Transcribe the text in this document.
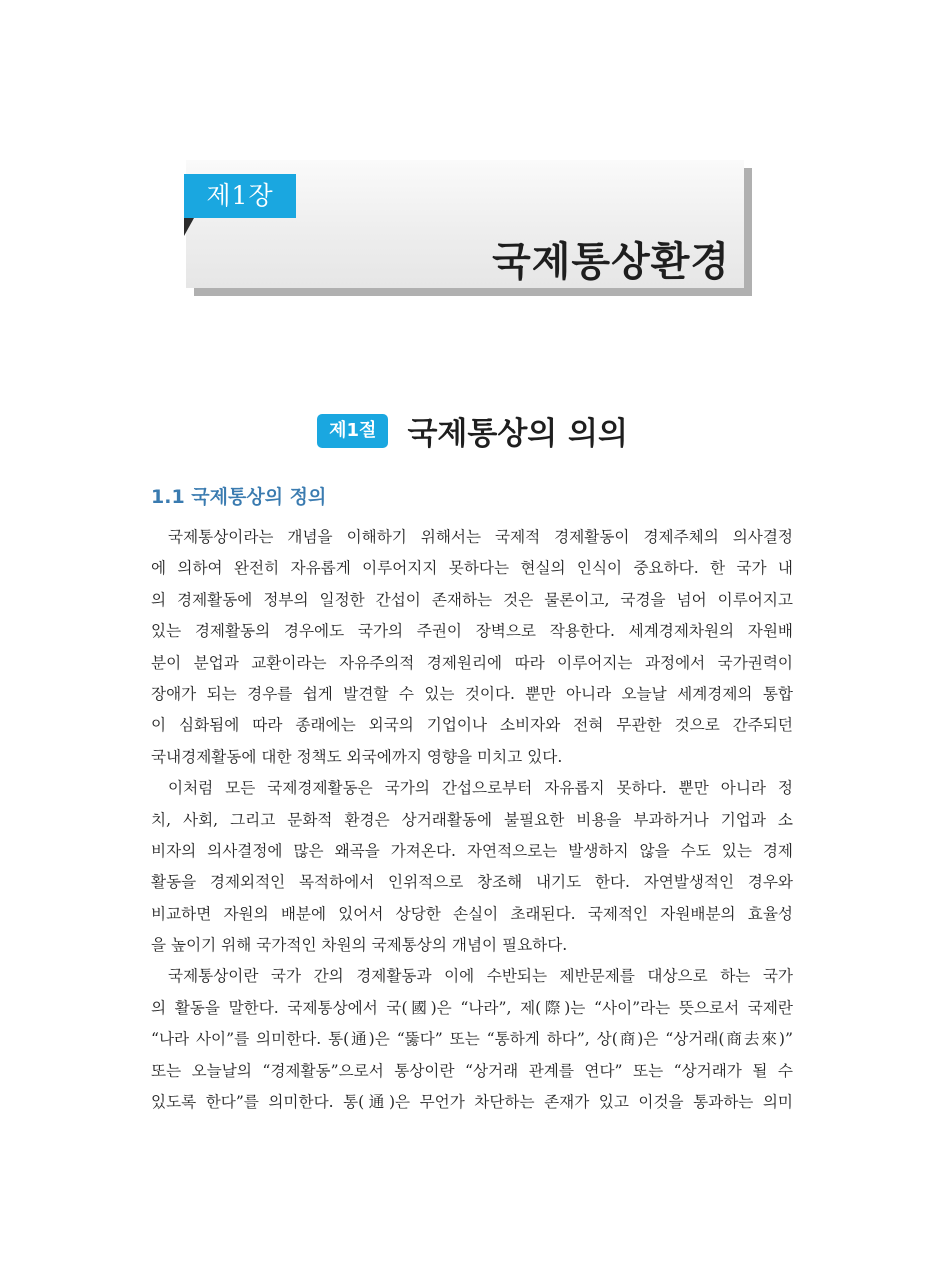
제1장
국제통상환경
제1절 국제통상의 의의
1.1 국제통상의 정의
국제통상이라는 개념을 이해하기 위해서는 국제적 경제활동이 경제주체의 의사결정
에 의하여 완전히 자유롭게 이루어지지 못하다는 현실의 인식이 중요하다. 한 국가 내
의 경제활동에 정부의 일정한 간섭이 존재하는 것은 물론이고, 국경을 넘어 이루어지고
있는 경제활동의 경우에도 국가의 주권이 장벽으로 작용한다. 세계경제차원의 자원배
분이 분업과 교환이라는 자유주의적 경제원리에 따라 이루어지는 과정에서 국가권력이
장애가 되는 경우를 쉽게 발견할 수 있는 것이다. 뿐만 아니라 오늘날 세계경제의 통합
이 심화됨에 따라 종래에는 외국의 기업이나 소비자와 전혀 무관한 것으로 간주되던
국내경제활동에 대한 정책도 외국에까지 영향을 미치고 있다.
이처럼 모든 국제경제활동은 국가의 간섭으로부터 자유롭지 못하다. 뿐만 아니라 정
치, 사회, 그리고 문화적 환경은 상거래활동에 불필요한 비용을 부과하거나 기업과 소
비자의 의사결정에 많은 왜곡을 가져온다. 자연적으로는 발생하지 않을 수도 있는 경제
활동을 경제외적인 목적하에서 인위적으로 창조해 내기도 한다. 자연발생적인 경우와
비교하면 자원의 배분에 있어서 상당한 손실이 초래된다. 국제적인 자원배분의 효율성
을 높이기 위해 국가적인 차원의 국제통상의 개념이 필요하다.
국제통상이란 국가 간의 경제활동과 이에 수반되는 제반문제를 대상으로 하는 국가
의 활동을 말한다. 국제통상에서 국(國)은 “나라”, 제(際)는 “사이”라는 뜻으로서 국제란
“나라 사이”를 의미한다. 통(通)은 “뚫다” 또는 “통하게 하다”, 상(商)은 “상거래(商去來)”
또는 오늘날의 “경제활동”으로서 통상이란 “상거래 관계를 연다” 또는 “상거래가 될 수
있도록 한다”를 의미한다. 통(通)은 무언가 차단하는 존재가 있고 이것을 통과하는 의미
